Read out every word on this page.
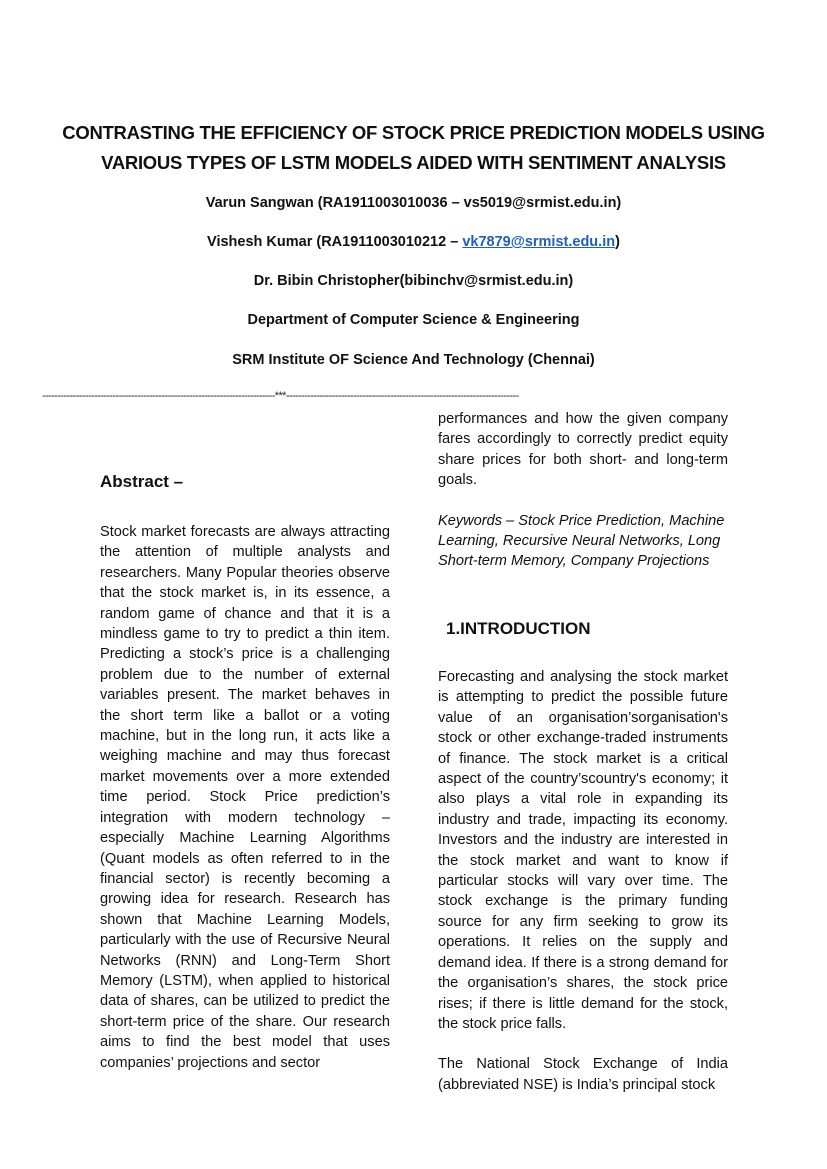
CONTRASTING THE EFFICIENCY OF STOCK PRICE PREDICTION MODELS USING
VARIOUS TYPES OF LSTM MODELS AIDED WITH SENTIMENT ANALYSIS
Varun Sangwan (RA1911003010036 – vs5019@srmist.edu.in)
Vishesh Kumar (RA1911003010212 – vk7879@srmist.edu.in)
Dr. Bibin Christopher(bibinchv@srmist.edu.in)
Department of Computer Science & Engineering
SRM Institute OF Science And Technology (Chennai)
----------------------------------------------------------------------------***----------------------------------------------------------------------------
Abstract –

Stock market forecasts are always attracting the attention of multiple analysts and researchers. Many Popular theories observe that the stock market is, in its essence, a random game of chance and that it is a mindless game to try to predict a thin item. Predicting a stock’s price is a challenging problem due to the number of external variables present. The market behaves in the short term like a ballot or a voting machine, but in the long run, it acts like a weighing machine and may thus forecast market movements over a more extended time period. Stock Price prediction’s integration with modern technology – especially Machine Learning Algorithms (Quant models as often referred to in the financial sector) is recently becoming a growing idea for research. Research has shown that Machine Learning Models, particularly with the use of Recursive Neural Networks (RNN) and Long-Term Short Memory (LSTM), when applied to historical data of shares, can be utilized to predict the short-term price of the share. Our research aims to find the best model that uses companies’ projections and sector

performances and how the given company fares accordingly to correctly predict equity share prices for both short- and long-term goals.

Keywords – Stock Price Prediction, Machine Learning, Recursive Neural Networks, Long Short-term Memory, Company Projections

1.INTRODUCTION

Forecasting and analysing the stock market is attempting to predict the possible future value of an organisation’sorganisation's stock or other exchange-traded instruments of finance. The stock market is a critical aspect of the country’scountry's economy; it also plays a vital role in expanding its industry and trade, impacting its economy. Investors and the industry are interested in the stock market and want to know if particular stocks will vary over time. The stock exchange is the primary funding source for any firm seeking to grow its operations. It relies on the supply and demand idea. If there is a strong demand for the organisation’s shares, the stock price rises; if there is little demand for the stock, the stock price falls.

The National Stock Exchange of India (abbreviated NSE) is India’s principal stock
